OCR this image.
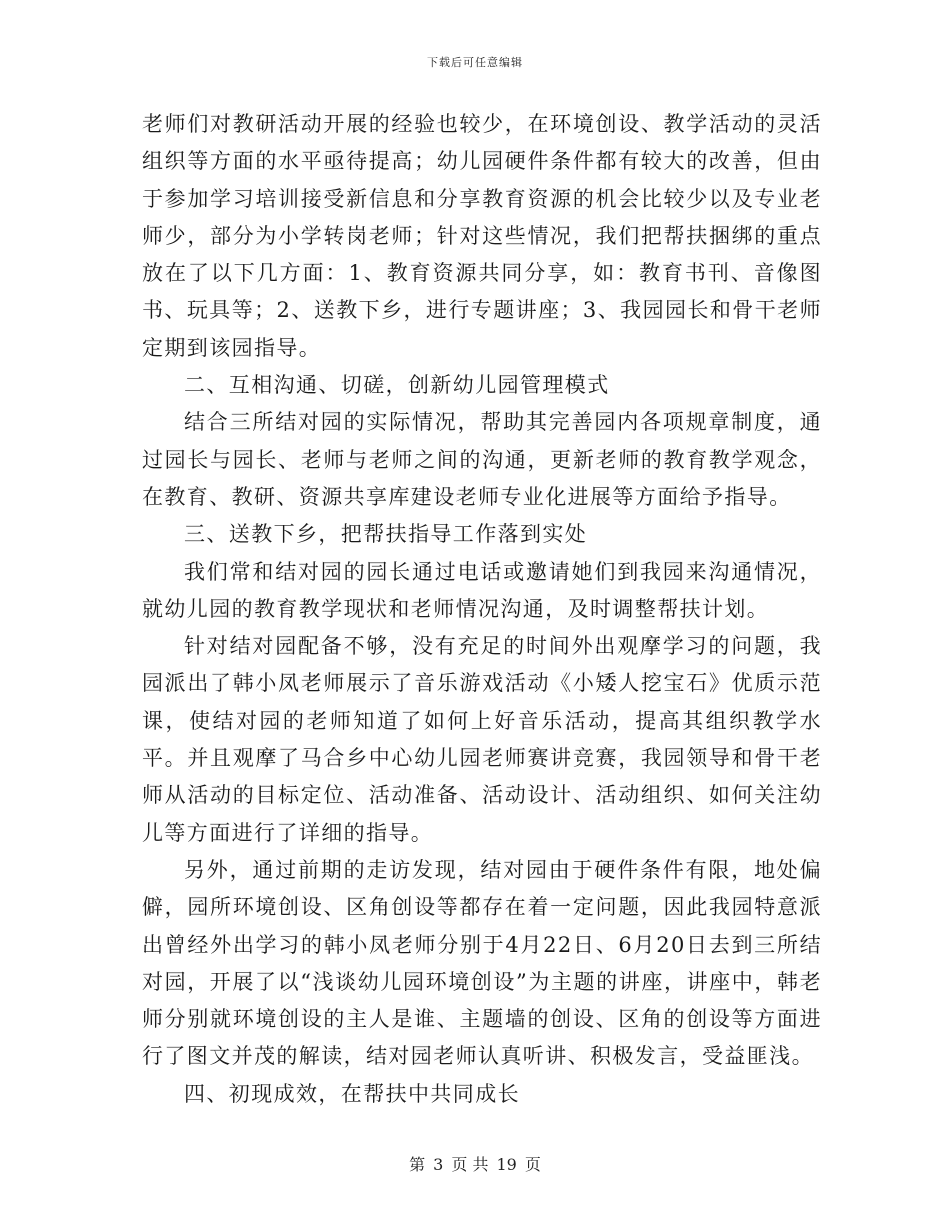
下载后可任意编辑

老师们对教研活动开展的经验也较少，在环境创设、教学活动的灵活组织等方面的水平亟待提高；幼儿园硬件条件都有较大的改善，但由于参加学习培训接受新信息和分享教育资源的机会比较少以及专业老师少，部分为小学转岗老师；针对这些情况，我们把帮扶捆绑的重点放在了以下几方面：1、教育资源共同分享，如：教育书刊、音像图书、玩具等；2、送教下乡，进行专题讲座；3、我园园长和骨干老师定期到该园指导。

二、互相沟通、切磋，创新幼儿园管理模式

结合三所结对园的实际情况，帮助其完善园内各项规章制度，通过园长与园长、老师与老师之间的沟通，更新老师的教育教学观念，在教育、教研、资源共享库建设老师专业化进展等方面给予指导。

三、送教下乡，把帮扶指导工作落到实处

我们常和结对园的园长通过电话或邀请她们到我园来沟通情况，就幼儿园的教育教学现状和老师情况沟通，及时调整帮扶计划。

针对结对园配备不够，没有充足的时间外出观摩学习的问题，我园派出了韩小凤老师展示了音乐游戏活动《小矮人挖宝石》优质示范课，使结对园的老师知道了如何上好音乐活动，提高其组织教学水平。并且观摩了马合乡中心幼儿园老师赛讲竞赛，我园领导和骨干老师从活动的目标定位、活动准备、活动设计、活动组织、如何关注幼儿等方面进行了详细的指导。

另外，通过前期的走访发现，结对园由于硬件条件有限，地处偏僻，园所环境创设、区角创设等都存在着一定问题，因此我园特意派出曾经外出学习的韩小凤老师分别于4月22日、6月20日去到三所结对园，开展了以“浅谈幼儿园环境创设”为主题的讲座，讲座中，韩老师分别就环境创设的主人是谁、主题墙的创设、区角的创设等方面进行了图文并茂的解读，结对园老师认真听讲、积极发言，受益匪浅。

四、初现成效，在帮扶中共同成长

第 3 页 共 19 页
